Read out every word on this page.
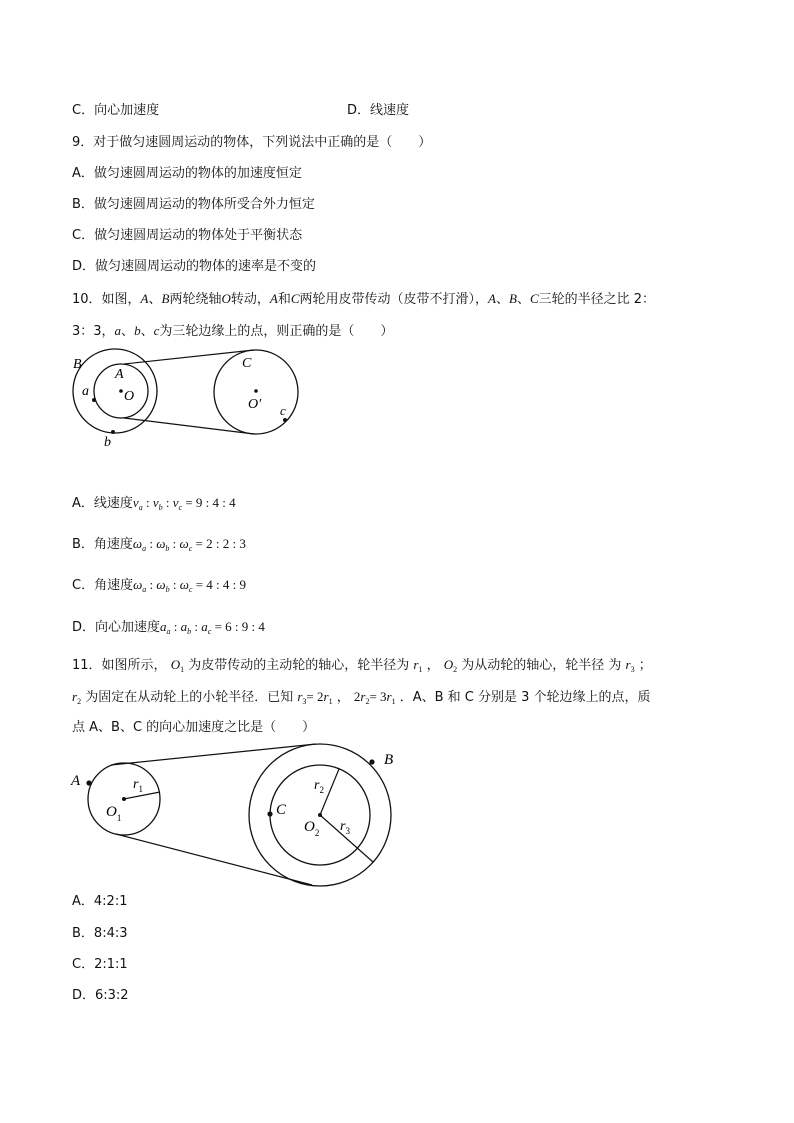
C．向心加速度	D．线速度
9．对于做匀速圆周运动的物体，下列说法中正确的是（　　）
A．做匀速圆周运动的物体的加速度恒定
B．做匀速圆周运动的物体所受合外力恒定
C．做匀速圆周运动的物体处于平衡状态
D．做匀速圆周运动的物体的速率是不变的
10．如图，A、B两轮绕轴O转动，A和C两轮用皮带传动（皮带不打滑），A、B、C三轮的半径之比 2：
3：3，a、b、c为三轮边缘上的点，则正确的是（　　）
B
A
a	O
b
C
O′ c
A．线速度$v_a$ : $v_b$ : $v_c = 9$ : 4 : 4
B．角速度$\omega_a$ : $\omega_b$ : $\omega_c = 2$ : 2 : 3
C．角速度$\omega_a$ : $\omega_b$ : $\omega_c = 4$ : 4 : 9
D．向心加速度$a_a$ : $a_b$ : $a_c = 6$ : 9 : 4
11．如图所示， $O_1$ 为皮带传动的主动轮的轴心，轮半径为 $r_1$ ， $O_2$ 为从动轮的轴心，轮半径 为 $r_3$ ；
$r_2$ 为固定在从动轮上的小轮半径．已知 $r_3= 2r_1$ ， $2r_2= 3r_1$ ．A、B 和 C 分别是 3 个轮边缘上的点，质
点 A、B、C 的向心加速度之比是（　　）
A	$r_1$
$O_1$
B
C
$r_2$
$O_2$ $r_3$
A．4:2:1
B．8:4:3
C．2:1:1
D．6:3:2
